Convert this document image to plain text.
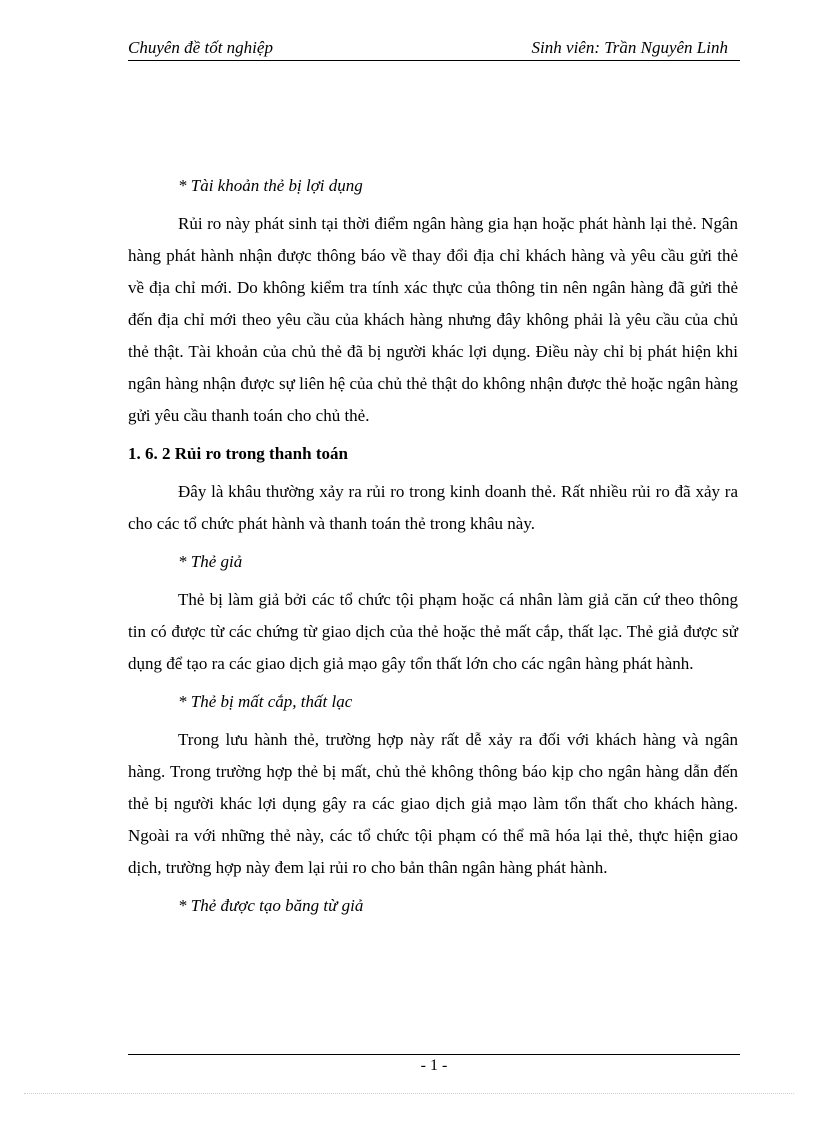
Chuyên đề tốt nghiệp	Sinh viên: Trần Nguyên Linh

* Tài khoản thẻ bị lợi dụng

Rủi ro này phát sinh tại thời điểm ngân hàng gia hạn hoặc phát hành lại thẻ. Ngân hàng phát hành nhận được thông báo về thay đổi địa chỉ khách hàng và yêu cầu gửi thẻ về địa chỉ mới. Do không kiểm tra tính xác thực của thông tin nên ngân hàng đã gửi thẻ đến địa chỉ mới theo yêu cầu của khách hàng nhưng đây không phải là yêu cầu của chủ thẻ thật. Tài khoản của chủ thẻ đã bị người khác lợi dụng. Điều này chỉ bị phát hiện khi ngân hàng nhận được sự liên hệ của chủ thẻ thật do không nhận được thẻ hoặc ngân hàng gửi yêu cầu thanh toán cho chủ thẻ.

1. 6. 2 Rủi ro trong thanh toán

Đây là khâu thường xảy ra rủi ro trong kinh doanh thẻ. Rất nhiều rủi ro đã xảy ra cho các tổ chức phát hành và thanh toán thẻ trong khâu này.

* Thẻ giả

Thẻ bị làm giả bởi các tổ chức tội phạm hoặc cá nhân làm giả căn cứ theo thông tin có được từ các chứng từ giao dịch của thẻ hoặc thẻ mất cắp, thất lạc. Thẻ giả được sử dụng để tạo ra các giao dịch giả mạo gây tổn thất lớn cho các ngân hàng phát hành.

* Thẻ bị mất cắp, thất lạc

Trong lưu hành thẻ, trường hợp này rất dễ xảy ra đối với khách hàng và ngân hàng. Trong trường hợp thẻ bị mất, chủ thẻ không thông báo kịp cho ngân hàng dẫn đến thẻ bị người khác lợi dụng gây ra các giao dịch giả mạo làm tổn thất cho khách hàng. Ngoài ra với những thẻ này, các tổ chức tội phạm có thể mã hóa lại thẻ, thực hiện giao dịch, trường hợp này đem lại rủi ro cho bản thân ngân hàng phát hành.

* Thẻ được tạo băng từ giả

- 1 -
